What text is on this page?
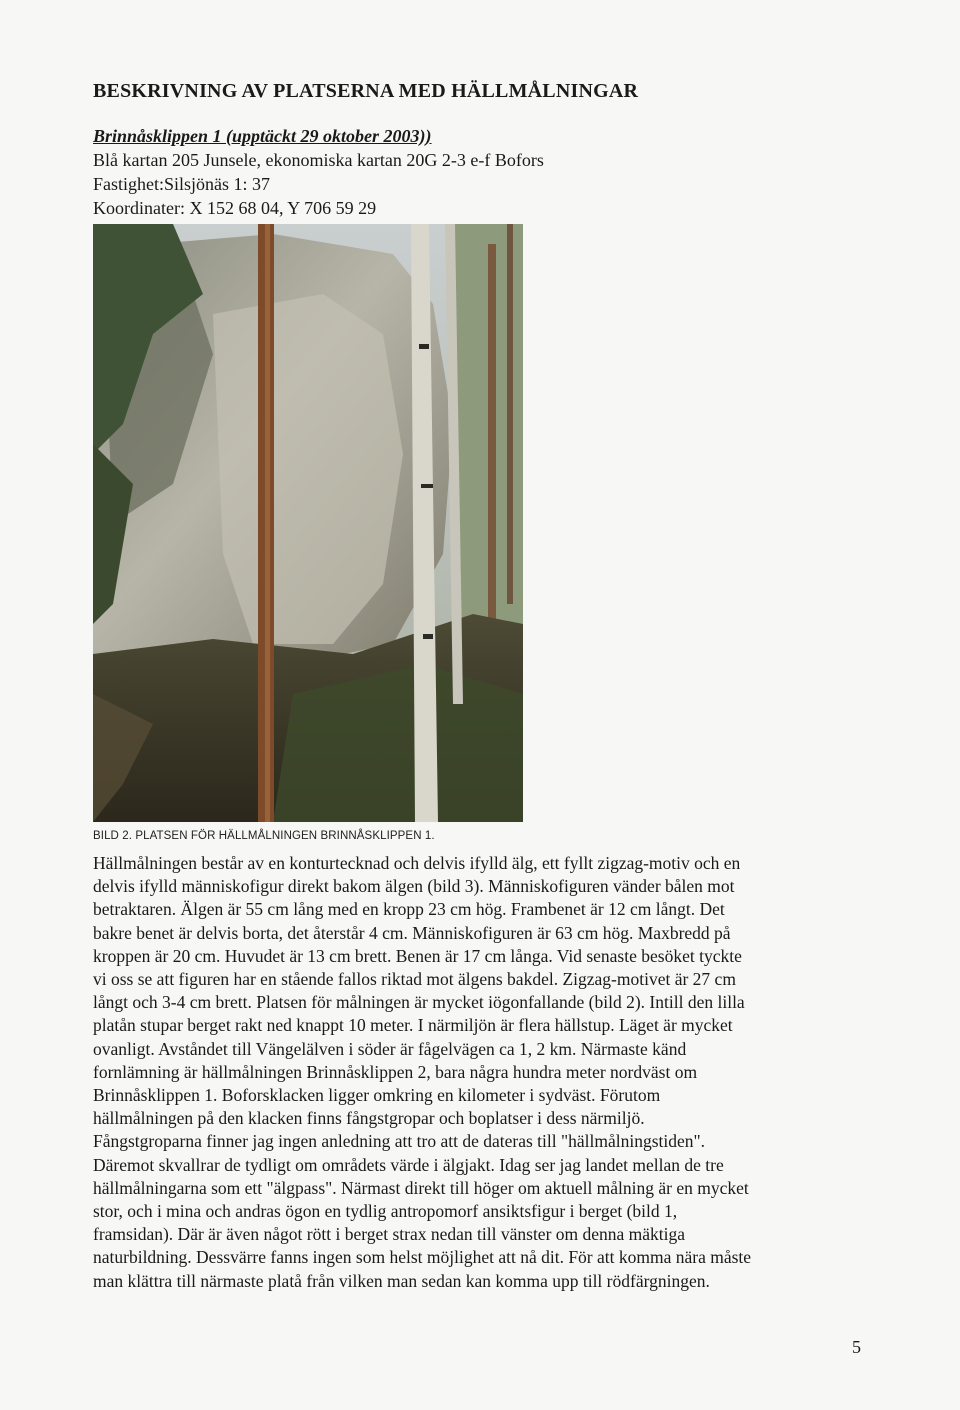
BESKRIVNING AV PLATSERNA MED HÄLLMÅLNINGAR
Brinnåsklippen 1 (upptäckt 29 oktober 2003))
Blå kartan 205 Junsele, ekonomiska kartan 20G 2-3 e-f Bofors
Fastighet:Silsjönäs 1: 37
Koordinater: X 152 68 04, Y 706 59 29
BILD 2. PLATSEN FÖR HÄLLMÅLNINGEN BRINNÅSKLIPPEN 1.
Hällmålningen består av en konturtecknad och delvis ifylld älg, ett fyllt zigzag-motiv och en
delvis ifylld människofigur direkt bakom älgen (bild 3). Människofiguren vänder bålen mot
betraktaren. Älgen är 55 cm lång med en kropp 23 cm hög. Frambenet är 12 cm långt. Det
bakre benet är delvis borta, det återstår 4 cm. Människofiguren är 63 cm hög. Maxbredd på
kroppen är 20 cm. Huvudet är 13 cm brett. Benen är 17 cm långa. Vid senaste besöket tyckte
vi oss se att figuren har en stående fallos riktad mot älgens bakdel. Zigzag-motivet är 27 cm
långt och 3-4 cm brett. Platsen för målningen är mycket iögonfallande (bild 2). Intill den lilla
platån stupar berget rakt ned knappt 10 meter. I närmiljön är flera hällstup. Läget är mycket
ovanligt. Avståndet till Vängelälven i söder är fågelvägen ca 1, 2 km. Närmaste känd
fornlämning är hällmålningen Brinnåsklippen 2, bara några hundra meter nordväst om
Brinnåsklippen 1. Boforsklacken ligger omkring en kilometer i sydväst. Förutom
hällmålningen på den klacken finns fångstgropar och boplatser i dess närmiljö.
Fångstgroparna finner jag ingen anledning att tro att de dateras till "hällmålningstiden".
Däremot skvallrar de tydligt om områdets värde i älgjakt. Idag ser jag landet mellan de tre
hällmålningarna som ett "älgpass". Närmast direkt till höger om aktuell målning är en mycket
stor, och i mina och andras ögon en tydlig antropomorf ansiktsfigur i berget (bild 1,
framsidan). Där är även något rött i berget strax nedan till vänster om denna mäktiga
naturbildning. Dessvärre fanns ingen som helst möjlighet att nå dit. För att komma nära måste
man klättra till närmaste platå från vilken man sedan kan komma upp till rödfärgningen.
5
